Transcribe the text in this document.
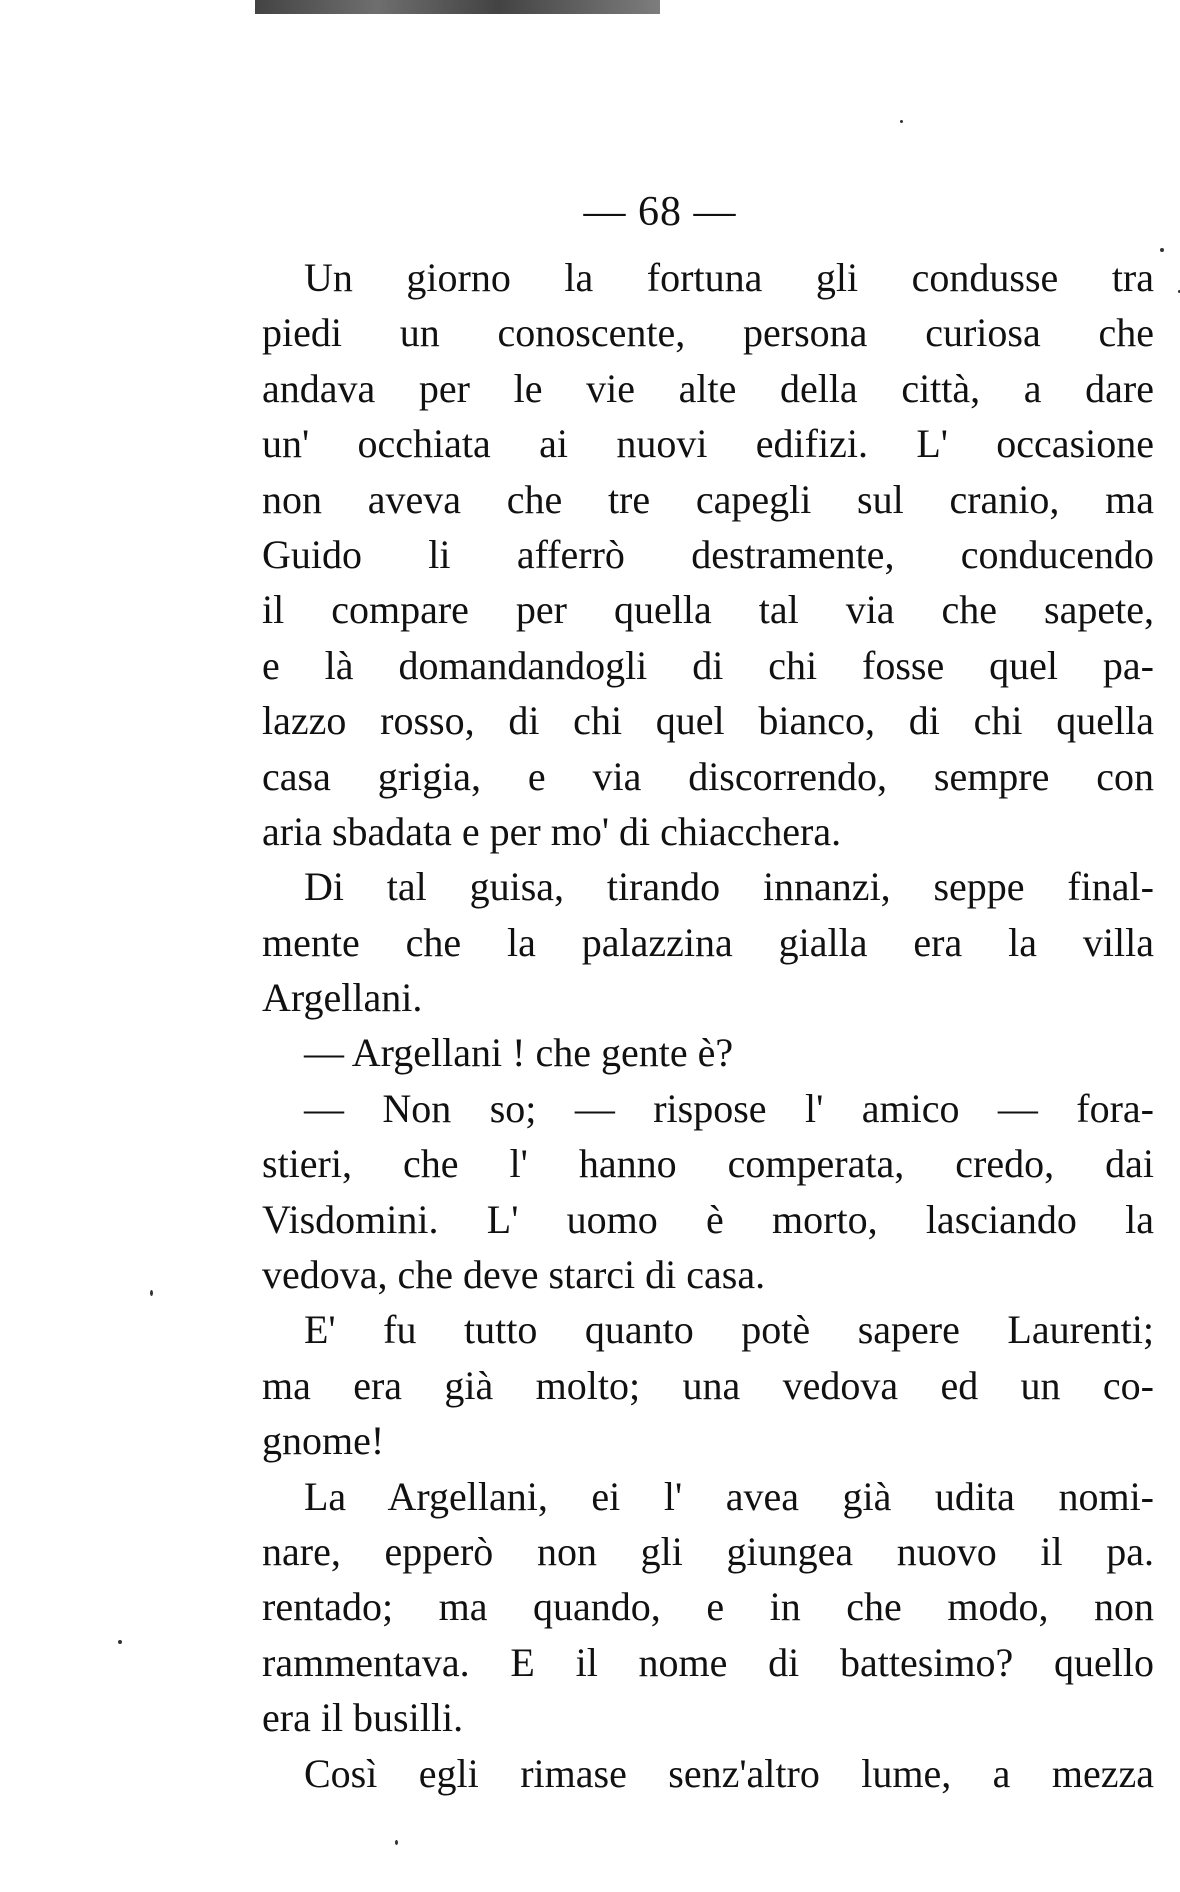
— 68 —
Un giorno la fortuna gli condusse tra
piedi un conoscente, persona curiosa che
andava per le vie alte della città, a dare
un' occhiata ai nuovi edifizi. L' occasione
non aveva che tre capegli sul cranio, ma
Guido li afferrò destramente, conducendo
il compare per quella tal via che sapete,
e là domandandogli di chi fosse quel pa-
lazzo rosso, di chi quel bianco, di chi quella
casa grigia, e via discorrendo, sempre con
aria sbadata e per mo' di chiacchera.
Di tal guisa, tirando innanzi, seppe final-
mente che la palazzina gialla era la villa
Argellani.
— Argellani ! che gente è?
— Non so; — rispose l' amico — fora-
stieri, che l' hanno comperata, credo, dai
Visdomini. L' uomo è morto, lasciando la
vedova, che deve starci di casa.
E' fu tutto quanto potè sapere Laurenti;
ma era già molto; una vedova ed un co-
gnome!
La Argellani, ei l' avea già udita nomi-
nare, epperò non gli giungea nuovo il pa.
rentado; ma quando, e in che modo, non
rammentava. E il nome di battesimo? quello
era il busilli.
Così egli rimase senz'altro lume, a mezza
